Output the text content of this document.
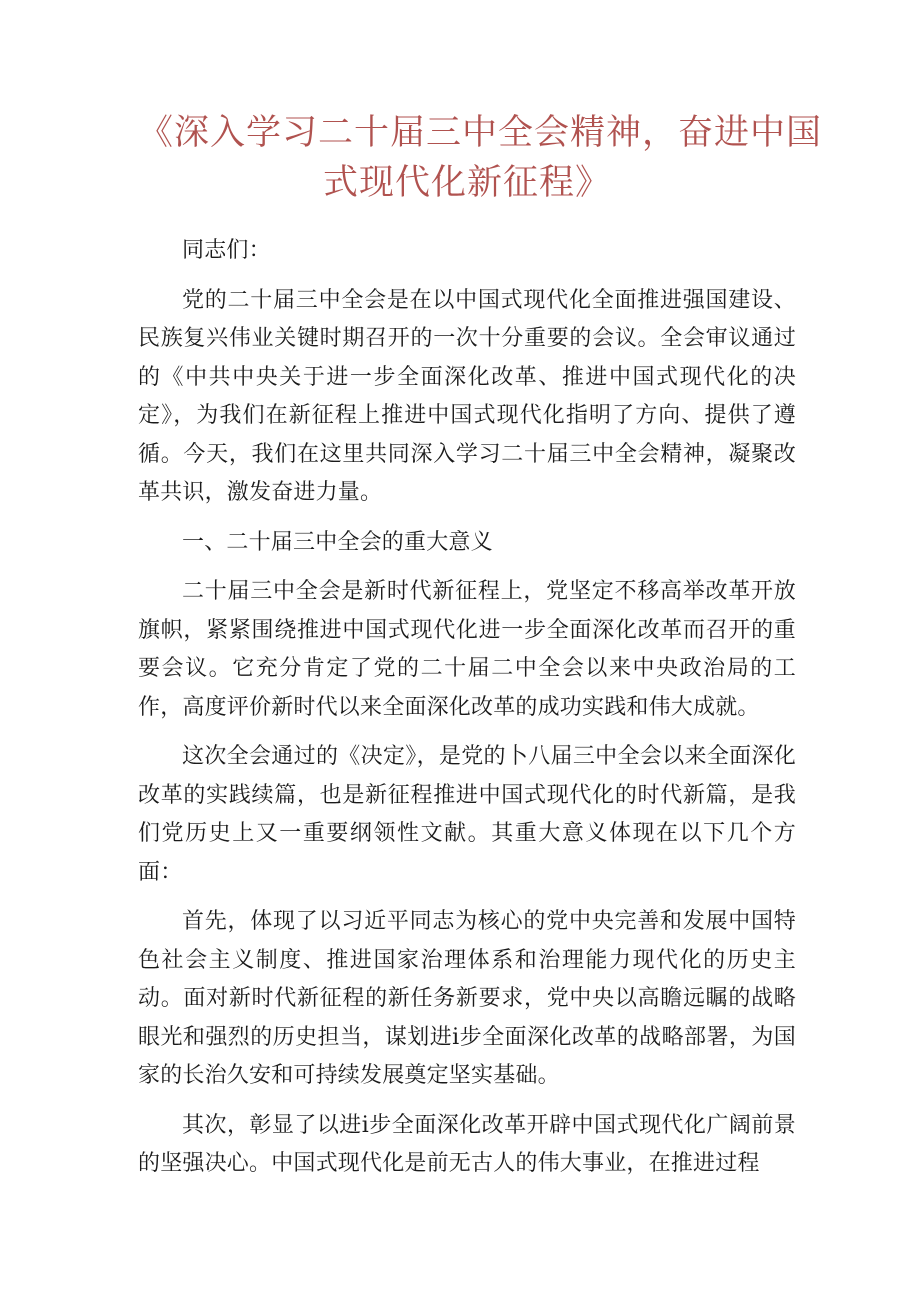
《深入学习二十届三中全会精神，奋进中国
式现代化新征程》

同志们：

党的二十届三中全会是在以中国式现代化全面推进强国建设、民族复兴伟业关键时期召开的一次十分重要的会议。全会审议通过的《中共中央关于进一步全面深化改革、推进中国式现代化的决定》，为我们在新征程上推进中国式现代化指明了方向、提供了遵循。今天，我们在这里共同深入学习二十届三中全会精神，凝聚改革共识，激发奋进力量。

一、二十届三中全会的重大意义

二十届三中全会是新时代新征程上，党坚定不移高举改革开放旗帜，紧紧围绕推进中国式现代化进一步全面深化改革而召开的重要会议。它充分肯定了党的二十届二中全会以来中央政治局的工作，高度评价新时代以来全面深化改革的成功实践和伟大成就。

这次全会通过的《决定》，是党的卜八届三中全会以来全面深化改革的实践续篇，也是新征程推进中国式现代化的时代新篇，是我们党历史上又一重要纲领性文献。其重大意义体现在以下几个方面：

首先，体现了以习近平同志为核心的党中央完善和发展中国特色社会主义制度、推进国家治理体系和治理能力现代化的历史主动。面对新时代新征程的新任务新要求，党中央以高瞻远瞩的战略眼光和强烈的历史担当，谋划进i步全面深化改革的战略部署，为国家的长治久安和可持续发展奠定坚实基础。

其次，彰显了以进i步全面深化改革开辟中国式现代化广阔前景的坚强决心。中国式现代化是前无古人的伟大事业，在推进过程
